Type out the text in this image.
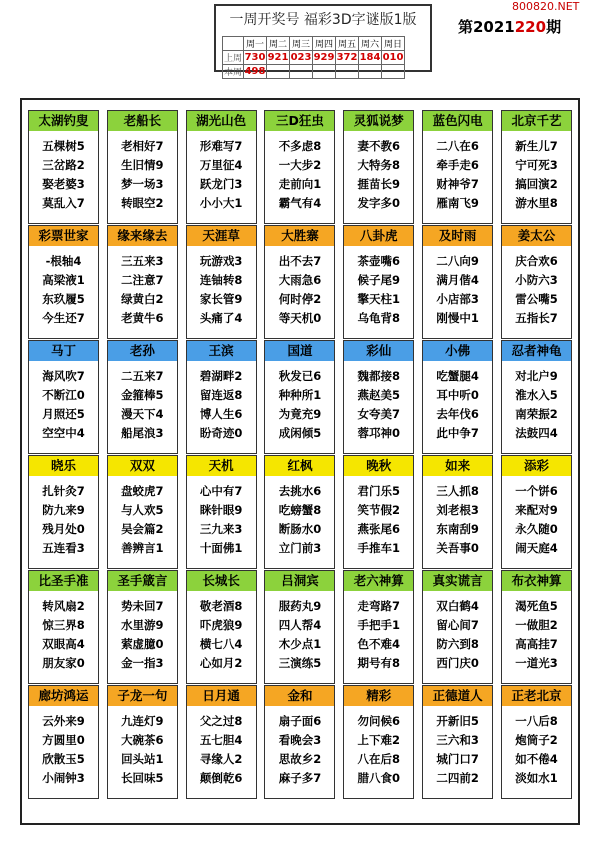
一周开奖号 福彩3D字谜版1版
	周一	周二	周三	周四	周五	周六	周日
上周	730	921	023	929	372	184	010
本周	498						
第2021220期
800820.NET
太湖钓叟
五棵树5
三岔路2
娶老婆3
莫乱入7
老船长
老相好7
生旧情9
梦一场3
转眼空2
湖光山色
形难写7
万里征4
跃龙门3
小小大1
三D狂虫
不多虑8
一大步2
走前向1
霸气有4
灵狐说梦
妻不教6
大特务8
捱苗长9
发字多0
蓝色闪电
二八在6
牵手走6
财神爷7
雁南飞9
北京千艺
新生儿7
宁可死3
搞回演2
游水里8
彩票世家
-根轴4
高梁液1
东玖履5
今生还7
缘来缘去
三五来3
二注意7
绿黄白2
老黄牛6
天涯草
玩游戏3
连铀转8
家长管9
头痛了4
大胜寨
出不去7
大雨急6
何时停2
等天机0
八卦虎
茶壶嘴6
候子尾9
擎天柱1
乌龟背8
及时雨
二八向9
满月偕4
小店部3
刚慢中1
姜太公
庆合欢6
小防六3
雷公嘴5
五指长7
马丁
海风吹7
不断江0
月照还5
空空中4
老孙
二五来7
金箍棒5
漫天下4
船尾浪3
王滨
碧湖畔2
留连返8
博人生6
盼奇迹0
国道
秋发已6
种种所1
为竟充9
成闲倾5
彩仙
魏都接8
燕赵美5
女夸美7
蓉邛神0
小佛
吃蟹腿4
耳中听0
去年伐6
此中争7
忍者神龟
对北户9
淮水入5
南荣振2
法鼓四4
晓乐
扎针灸7
防九来9
残月处0
五连看3
双双
盘蛟虎7
与人欢5
吴会篇2
善辨言1
天机
心中有7
眯针眼9
三九来3
十面佛1
红枫
去挑水6
吃螃蟹8
断肠水0
立门前3
晚秋
君门乐5
笑节假2
燕张尾6
手推车1
如来
三人抓8
刘老根3
东南刮9
关吾事0
添彩
一个饼6
来配对9
永久随0
闹天庭4
比圣手准
转风扇2
惊三界8
双眼高4
朋友家0
圣手箴言
势未回7
水里游9
萦虚臆0
金一指3
长城长
敬老酒8
吓虎狼9
横七八4
心如月2
吕洞宾
服药丸9
四人帮4
木少点1
三演练5
老六神算
走弯路7
手把手1
色不难4
期号有8
真实谎言
双白鹤4
留心间7
防六到8
西门庆0
布衣神算
渴死鱼5
一做胆2
高高挂7
一道光3
廊坊鸿运
云外来9
方圆里0
欣散玉5
小闹钟3
子龙一句
九连灯9
大碗茶6
回头站1
长回味5
日月通
父之过8
五七胆4
寻缘人2
颠倒乾6
金和
扇子面6
看晚会3
思故乡2
麻子多7
精彩
勿问候6
上下难2
八在后8
腊八食0
正德道人
开新旧5
三六和3
城门口7
二四前2
正老北京
一八后8
炮筒子2
如不倦4
淡如水1
